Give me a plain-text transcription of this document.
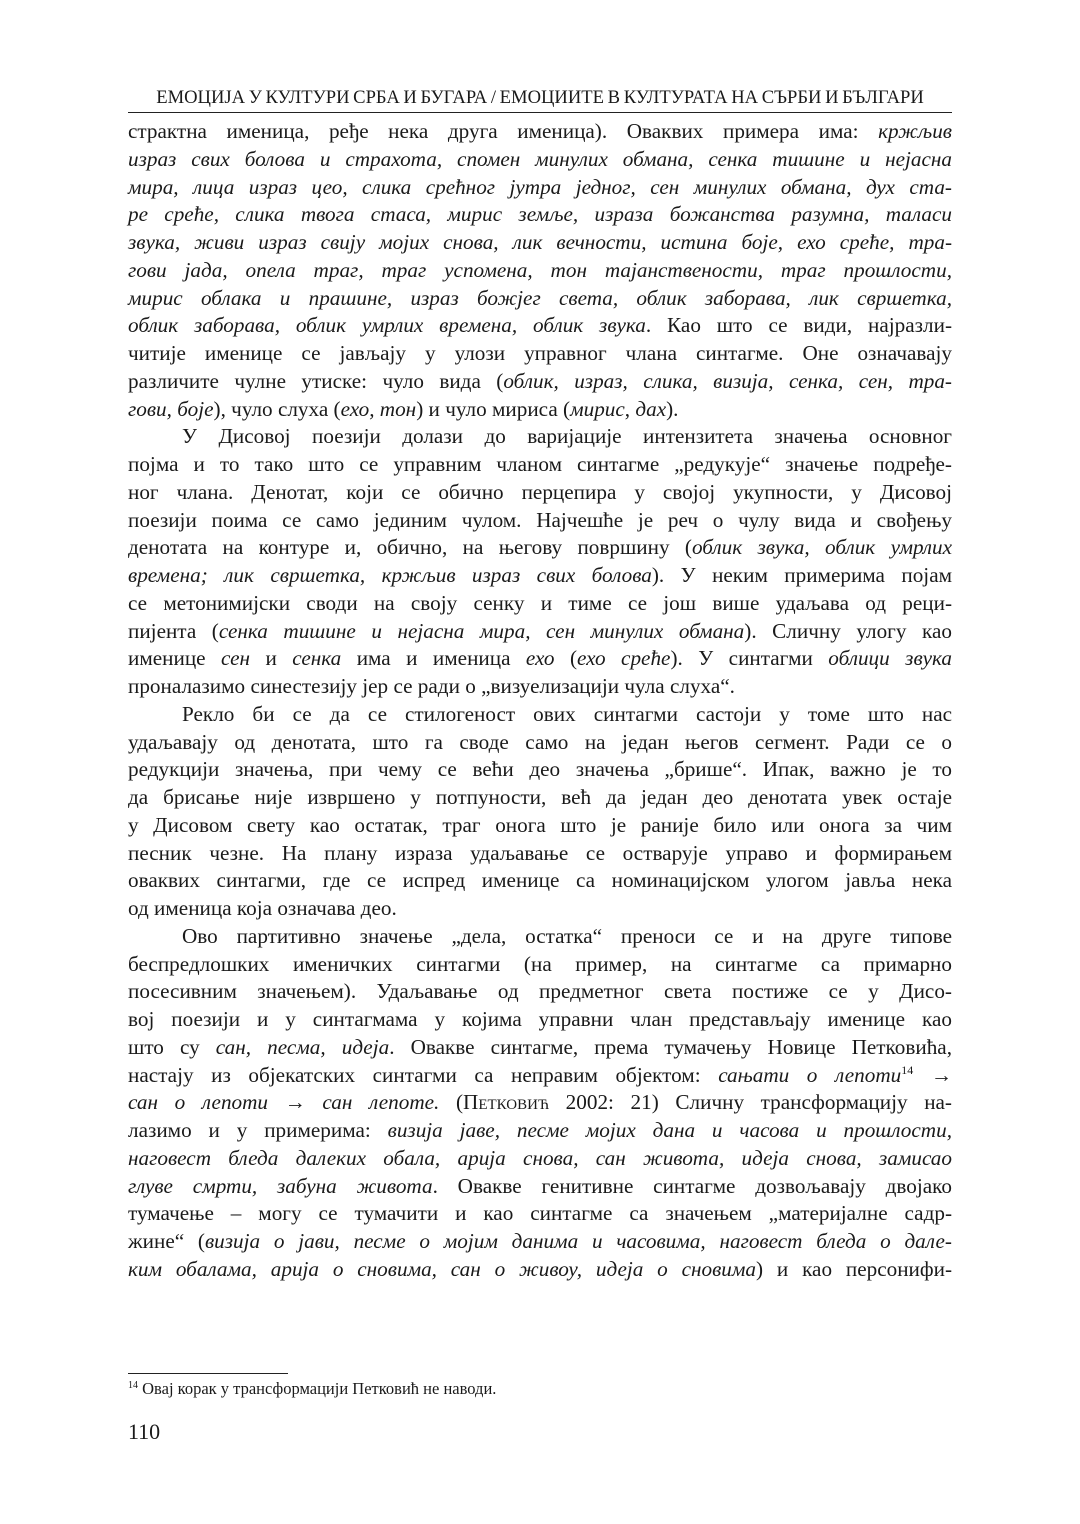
ЕМОЦИЈА У КУЛТУРИ СРБА И БУГАРА / ЕМОЦИИТЕ В КУЛТУРАТА НА СЪРБИ И БЪЛГАРИ
страктна именица, ређе нека друга именица). Оваквих примера има: кржљив
израз свих болова и страхота, спомен минулих обмана, сенка тишине и нејасна
мира, лица израз цео, слика срећног јутра једног, сен минулих обмана, дух ста-
ре среће, слика твога стаса, мирис земље, израза божанства разумна, таласи
звука, живи израз свију мојих снова, лик вечности, истина боје, ехо среће, тра-
гови јада, опела траг, траг успомена, тон тајанствености, траг прошлости,
мирис облака и прашине, израз божјег света, облик заборава, лик свршетка,
облик заборава, облик умрлих времена, облик звука. Као што се види, најразли-
читије именице се јављају у улози управног члана синтагме. Оне означавају
различите чулне утиске: чуло вида (облик, израз, слика, визија, сенка, сен, тра-
гови, боје), чуло слуха (ехо, тон) и чуло мириса (мирис, дах).
У Дисовој поезији долази до варијације интензитета значења основног
појма и то тако што се управним чланом синтагме „редукује“ значење подређе-
ног члана. Денотат, који се обично перцепира у својој укупности, у Дисовој
поезији поима се само јединим чулом. Најчешће је реч о чулу вида и свођењу
денотата на контуре и, обично, на његову површину (облик звука, облик умрлих
времена; лик свршетка, кржљив израз свих болова). У неким примерима појам
се метонимијски своди на своју сенку и тиме се још више удаљава од реци-
пијента (сенка тишине и нејасна мира, сен минулих обмана). Сличну улогу као
именице сен и сенка има и именица ехо (ехо среће). У синтагми облици звука
проналазимо синестезију јер се ради о „визуелизацији чула слуха“.
Рекло би се да се стилогеност ових синтагми састоји у томе што нас
удаљавају од денотата, што га своде само на један његов сегмент. Ради се о
редукцији значења, при чему се већи део значења „брише“. Ипак, важно је то
да брисање није извршено у потпуности, већ да један део денотата увек остаје
у Дисовом свету као остатак, траг онога што је раније било или онога за чим
песник чезне. На плану израза удаљавање се остварује управо и формирањем
оваквих синтагми, где се испред именице са номинацијском улогом јавља нека
од именица која означава део.
Ово партитивно значење „дела, остатка“ преноси се и на друге типове
беспредлошких именичких синтагми (на пример, на синтагме са примарно
посесивним значењем). Удаљавање од предметног света постиже се у Дисо-
вој поезији и у синтагмама у којима управни члан представљају именице као
што су сан, песма, идеја. Овакве синтагме, према тумачењу Новице Петковића,
настају из објекатских синтагми са неправим објектом: сањати о лепоти$^{14}$ →
сан о лепоти → сан лепоте. (Петковић 2002: 21) Сличну трансформацију на-
лазимо и у примерима: визија јаве, песме мојих дана и часова и прошлости,
наговест бледа далеких обала, арија снова, сан живота, идеја снова, замисао
глуве смрти, забуна живота. Овакве генитивне синтагме дозвољавају двојако
тумачење – могу се тумачити и као синтагме са значењем „материјалне садр-
жине“ (визија о јави, песме о мојим данима и часовима, наговест бледа о дале-
ким обалама, арија о сновима, сан о живоу, идеја о сновима) и као персонифи-
$^{14}$ Овај корак у трансформацији Петковић не наводи.
110
